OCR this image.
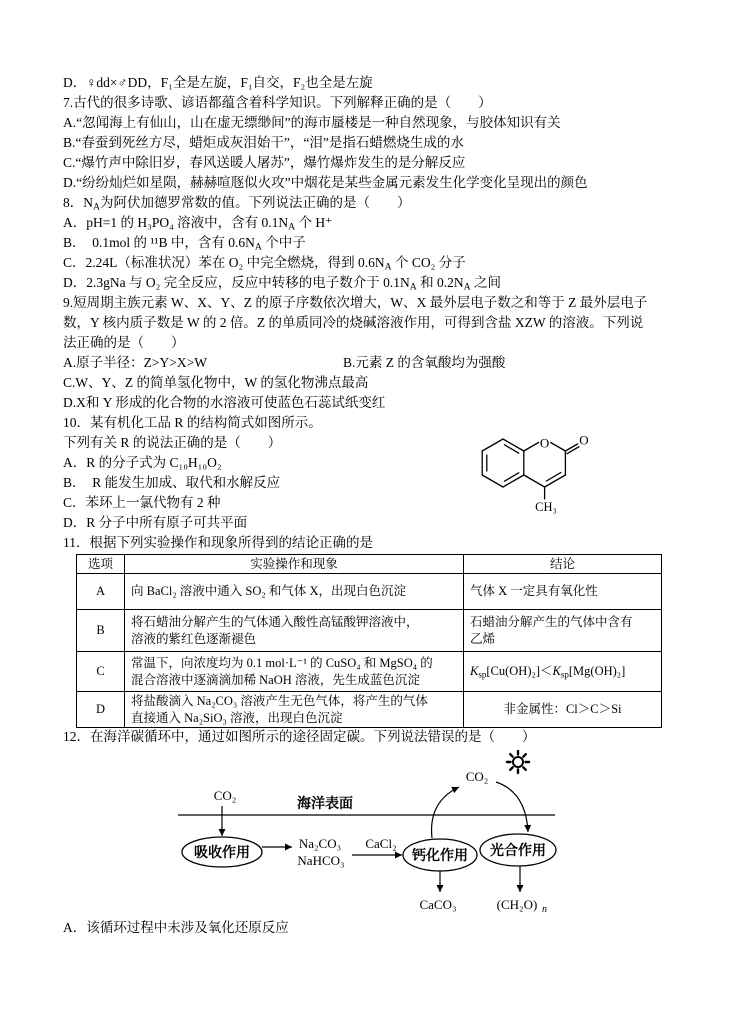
D．♀dd×♂DD，F₁全是左旋，F₁自交，F₂也全是左旋
7.古代的很多诗歌、谚语都蕴含着科学知识。下列解释正确的是（　　）
A.“忽闻海上有仙山，山在虚无缥缈间”的海市蜃楼是一种自然现象，与胶体知识有关
B.“春蚕到死丝方尽，蜡炬成灰泪始干”，“泪”是指石蜡燃烧生成的水
C.“爆竹声中除旧岁，春风送暖人屠苏”，爆竹爆炸发生的是分解反应
D.“纷纷灿烂如星陨，赫赫喧豗似火攻”中烟花是某些金属元素发生化学变化呈现出的颜色
8．$N_A$为阿伏加德罗常数的值。下列说法正确的是（　　）
A．pH=1 的 H₃PO₄ 溶液中，含有 $0.1N_A$ 个 H⁺
B．  0.1mol 的 ¹¹B 中，含有 $0.6N_A$ 个中子
C．2.24L（标准状况）苯在 O₂ 中完全燃烧，得到 $0.6N_A$ 个 CO₂ 分子
D．2.3gNa 与 O₂ 完全反应，反应中转移的电子数介于 $0.1N_A$ 和 $0.2N_A$ 之间
9.短周期主族元素 W、X、Y、Z 的原子序数依次增大，W、X 最外层电子数之和等于 Z 最外层电子
数，Y 核内质子数是 W 的 2 倍。Z 的单质同冷的烧碱溶液作用，可得到含盐 XZW 的溶液。下列说
法正确的是（　　）
A.原子半径：Z>Y>X>W	B.元素 Z 的含氧酸均为强酸
C.W、Y、Z 的简单氢化物中，W 的氢化物沸点最高
D.X和 Y 形成的化合物的水溶液可使蓝色石蕊试纸变红
10．某有机化工品 R 的结构简式如图所示。
下列有关 R 的说法正确的是（　　）
A．R 的分子式为 C₁₀H₁₀O₂
B．  R 能发生加成、取代和水解反应
C．苯环上一氯代物有 2 种
D．R 分子中所有原子可共平面
11．根据下列实验操作和现象所得到的结论正确的是
O O
CH₃
选项	实验操作和现象	结论
A	向 BaCl₂ 溶液中通入 SO₂ 和气体 X，出现白色沉淀	气体 X 一定具有氧化性

B	将石蜡油分解产生的气体通入酸性高锰酸钾溶液中，
溶液的紫红色逐渐褪色	石蜡油分解产生的气体中含有
乙烯

C	常温下，向浓度均为 0.1 mol·L⁻¹ 的 CuSO₄ 和 MgSO₄ 的
混合溶液中逐滴滴加稀 NaOH 溶液，先生成蓝色沉淀	$K_{sp}[Cu(OH)_2]<K_{sp}[Mg(OH)_2]$

D	将盐酸滴入 Na₂CO₃ 溶液产生无色气体，将产生的气体
直接通入 Na₂SiO₃ 溶液，出现白色沉淀	非金属性：Cl＞C＞Si
12．在海洋碳循环中，通过如图所示的途径固定碳。下列说法错误的是（　　）
CO₂
海洋表面
吸收作用
Na₂CO₃
NaHCO₃
CaCl₂
钙化作用 光合作用
CO₂
CaCO₃	(CH₂O) n
A．该循环过程中未涉及氧化还原反应
